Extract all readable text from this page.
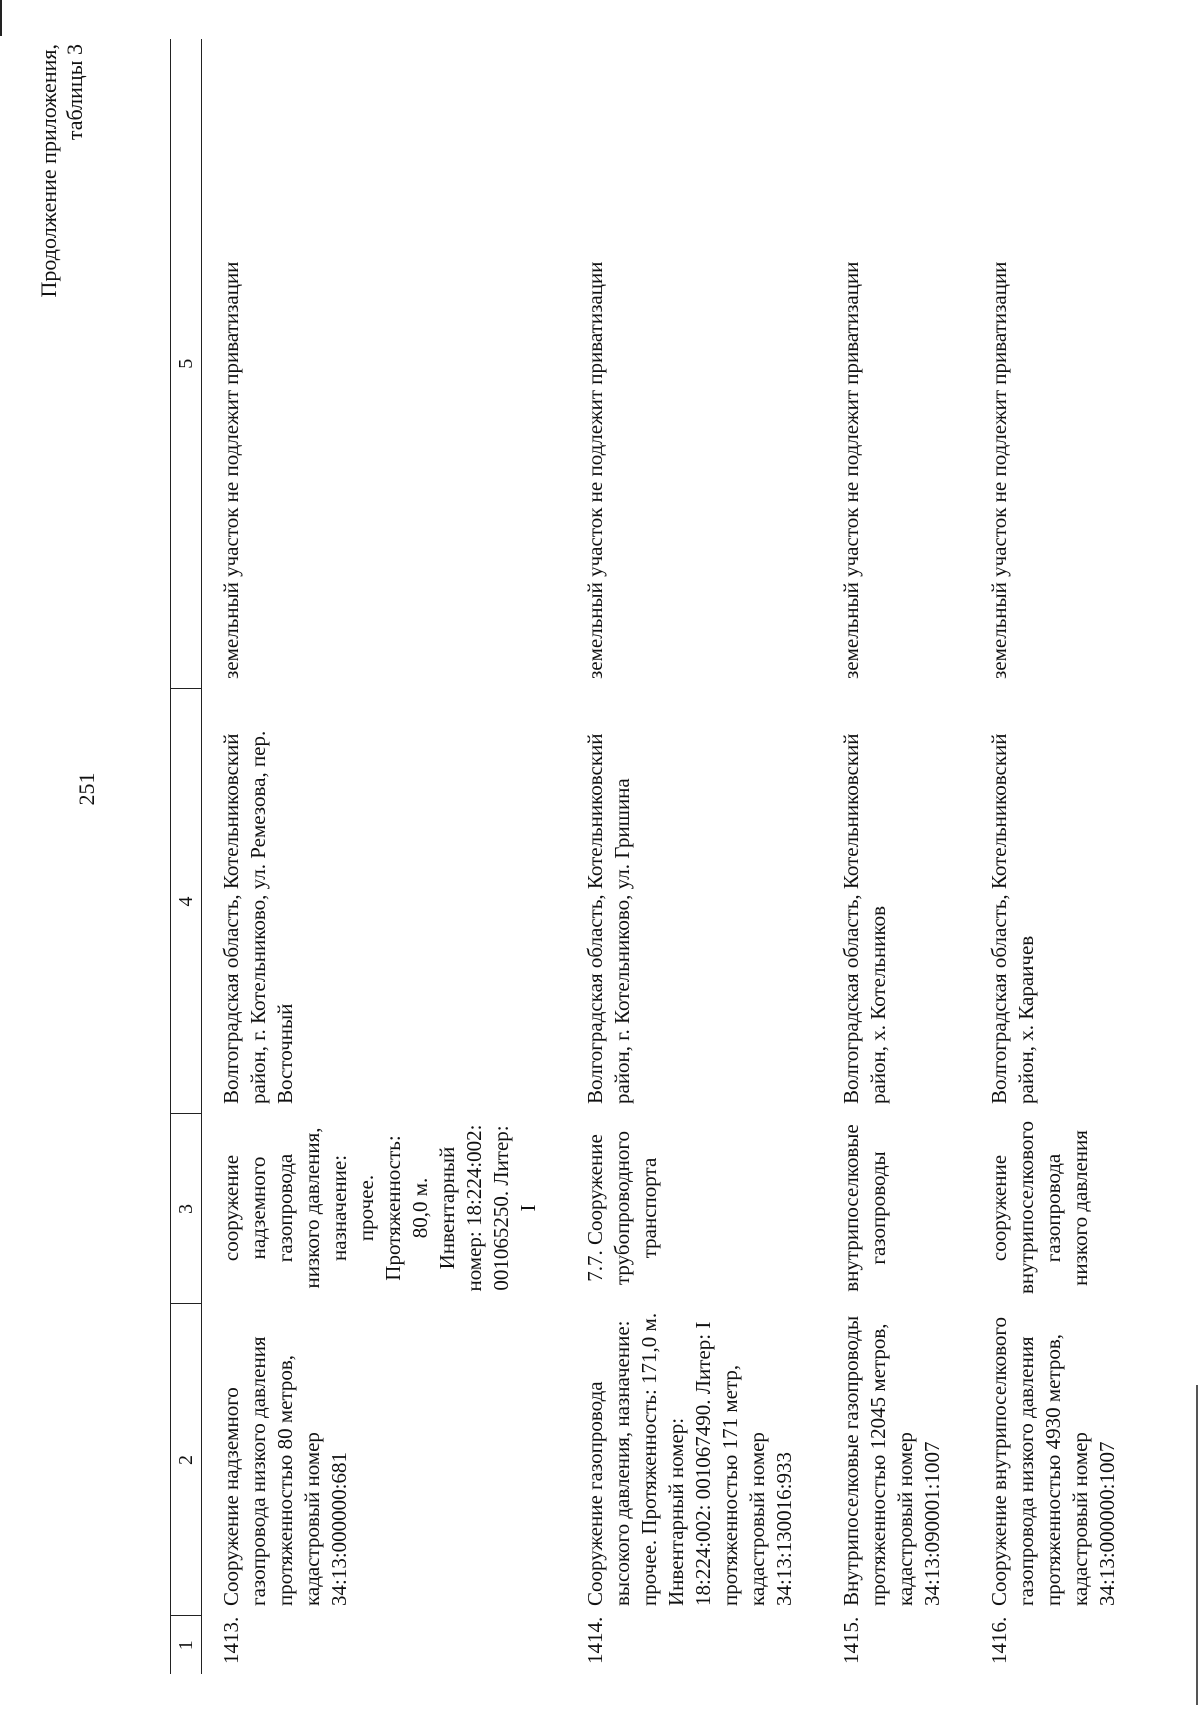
251
Продолжение приложения, таблицы 3
1	2	3	4	5
1413.	Сооружение надземного газопровода низкого давления протяженностью 80 метров, кадастровый номер 34:13:000000:681	сооружение надземного газопровода низкого давления, назначение: прочее. Протяженность: 80,0 м. Инвентарный номер: 18:224:002: 001065250. Литер: I	Волгоградская область, Котельниковский район, г. Котельниково, ул. Ремезова, пер. Восточный	земельный участок не подлежит приватизации
1414.	Сооружение газопровода высокого давления, назначение: прочее. Протяженность: 171,0 м. Инвентарный номер: 18:224:002: 001067490. Литер: I протяженностью 171 метр, кадастровый номер 34:13:130016:933	7.7. Сооружение трубопроводного транспорта	Волгоградская область, Котельниковский район, г. Котельниково, ул. Гришина	земельный участок не подлежит приватизации
1415.	Внутрипоселковые газопроводы протяженностью 12045 метров, кадастровый номер 34:13:090001:1007	внутрипоселковые газопроводы	Волгоградская область, Котельниковский район, х. Котельников	земельный участок не подлежит приватизации
1416.	Сооружение внутрипоселкового газопровода низкого давления протяженностью 4930 метров, кадастровый номер 34:13:000000:1007	сооружение внутрипоселкового газопровода низкого давления	Волгоградская область, Котельниковский район, х. Караичев	земельный участок не подлежит приватизации
